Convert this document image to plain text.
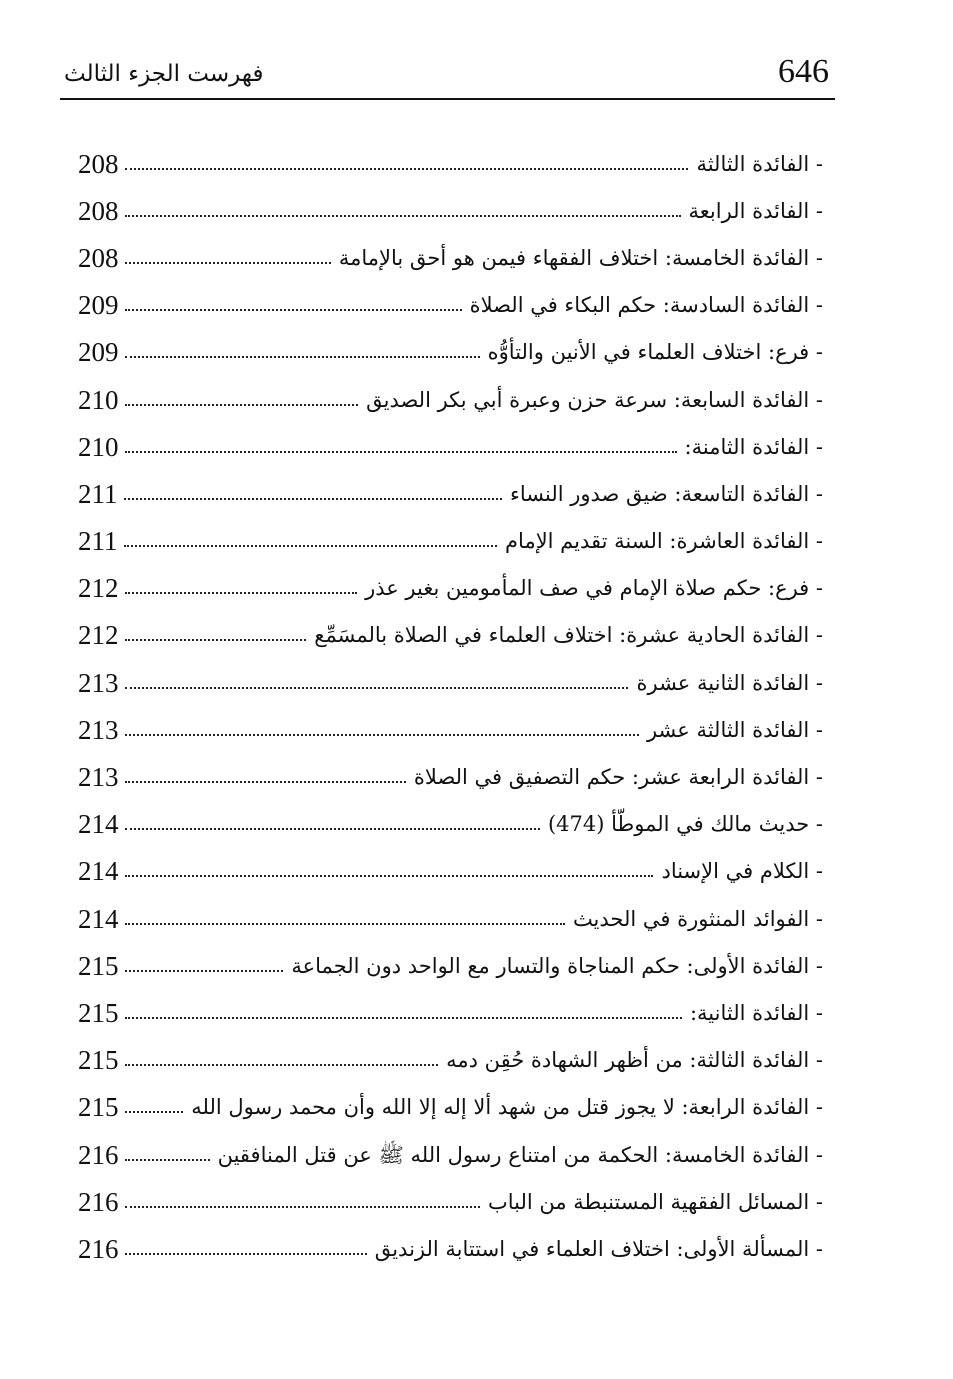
646
فهرست الجزء الثالث
- الفائدة الثالثة
208
- الفائدة الرابعة
208
- الفائدة الخامسة: اختلاف الفقهاء فيمن هو أحق بالإمامة
208
- الفائدة السادسة: حكم البكاء في الصلاة
209
- فرع: اختلاف العلماء في الأنين والتأوُّه
209
- الفائدة السابعة: سرعة حزن وعبرة أبي بكر الصديق
210
- الفائدة الثامنة:
210
- الفائدة التاسعة: ضيق صدور النساء
211
- الفائدة العاشرة: السنة تقديم الإمام
211
- فرع: حكم صلاة الإمام في صف المأمومين بغير عذر
212
- الفائدة الحادية عشرة: اختلاف العلماء في الصلاة بالمسَمِّع
212
- الفائدة الثانية عشرة
213
- الفائدة الثالثة عشر
213
- الفائدة الرابعة عشر: حكم التصفيق في الصلاة
213
- حديث مالك في الموطّأ (474)
214
- الكلام في الإسناد
214
- الفوائد المنثورة في الحديث
214
- الفائدة الأولى: حكم المناجاة والتسار مع الواحد دون الجماعة
215
- الفائدة الثانية:
215
- الفائدة الثالثة: من أظهر الشهادة حُقِن دمه
215
- الفائدة الرابعة: لا يجوز قتل من شهد ألا إله إلا الله وأن محمد رسول الله
215
- الفائدة الخامسة: الحكمة من امتناع رسول الله ﷺ عن قتل المنافقين
216
- المسائل الفقهية المستنبطة من الباب
216
- المسألة الأولى: اختلاف العلماء في استتابة الزنديق
216
